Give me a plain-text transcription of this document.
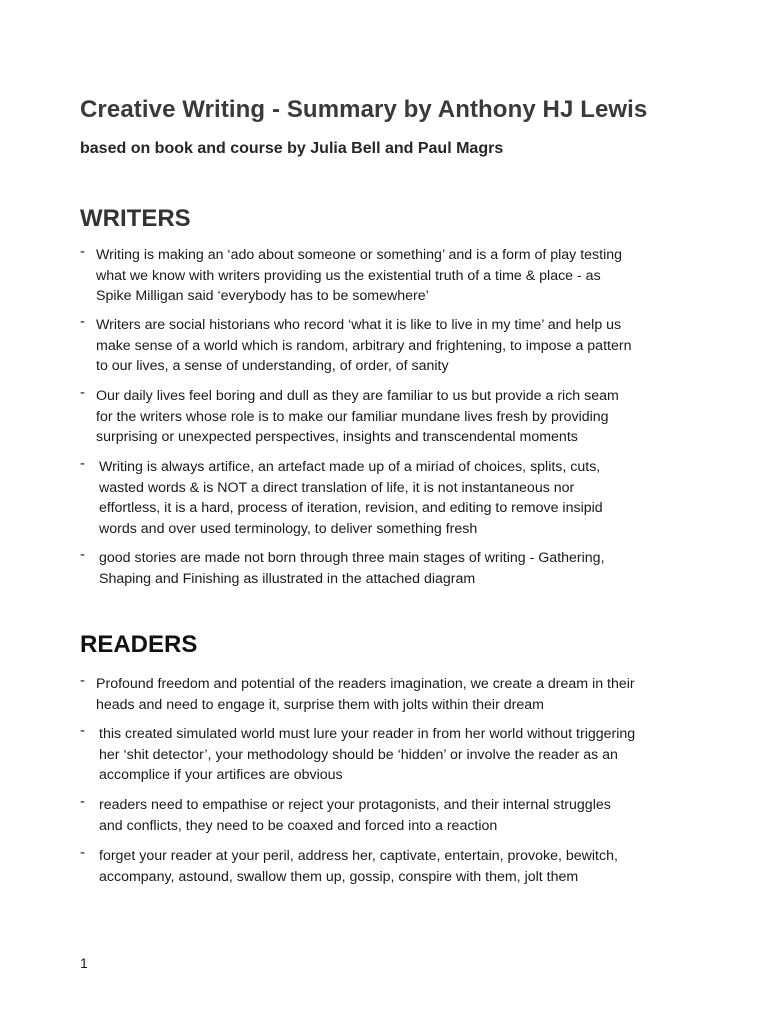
Creative Writing - Summary by Anthony HJ Lewis
based on book and course by Julia Bell and Paul Magrs
WRITERS
- Writing is making an ‘ado about someone or something’ and is a form of play testing
what we know with writers providing us the existential truth of a time & place - as
Spike Milligan said ‘everybody has to be somewhere’
- Writers are social historians who record ‘what it is like to live in my time’ and help us
make sense of a world which is random, arbitrary and frightening, to impose a pattern
to our lives, a sense of understanding, of order, of sanity
- Our daily lives feel boring and dull as they are familiar to us but provide a rich seam
for the writers whose role is to make our familiar mundane lives fresh by providing
surprising or unexpected perspectives, insights and transcendental moments
- Writing is always artifice, an artefact made up of a miriad of choices, splits, cuts,
wasted words & is NOT a direct translation of life, it is not instantaneous nor
effortless, it is a hard, process of iteration, revision, and editing to remove insipid
words and over used terminology, to deliver something fresh
- good stories are made not born through three main stages of writing - Gathering,
Shaping and Finishing as illustrated in the attached diagram
READERS
- Profound freedom and potential of the readers imagination, we create a dream in their
heads and need to engage it, surprise them with jolts within their dream
- this created simulated world must lure your reader in from her world without triggering
her ‘shit detector’, your methodology should be ‘hidden’ or involve the reader as an
accomplice if your artifices are obvious
- readers need to empathise or reject your protagonists, and their internal struggles
and conflicts, they need to be coaxed and forced into a reaction
- forget your reader at your peril, address her, captivate, entertain, provoke, bewitch,
accompany, astound, swallow them up, gossip, conspire with them, jolt them

1
